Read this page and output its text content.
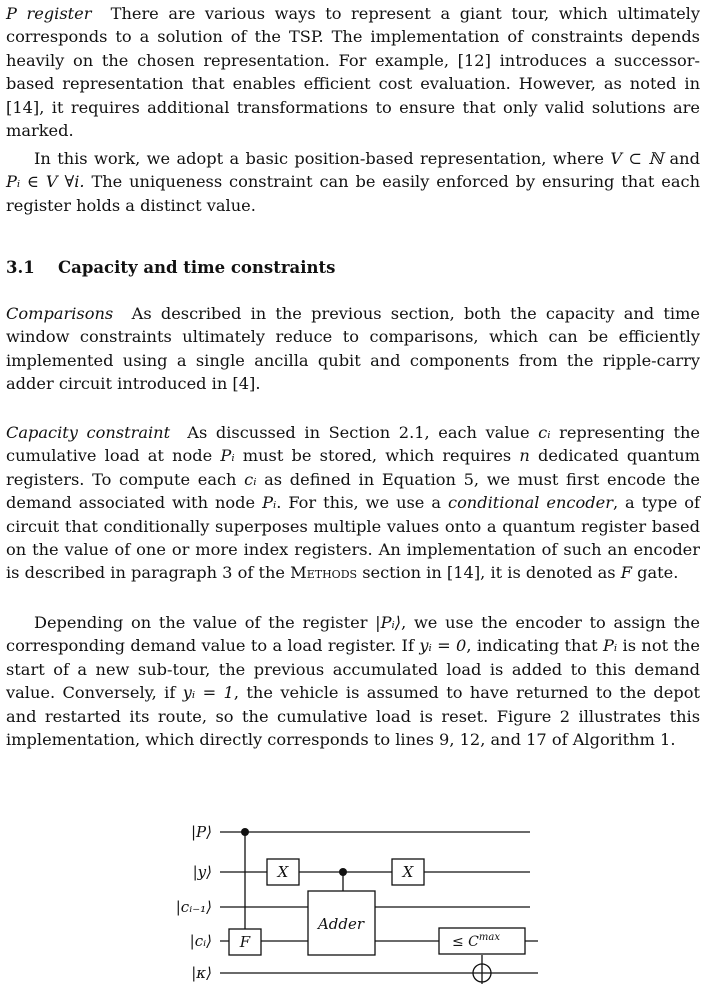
P register There are various ways to represent a giant tour, which ultimately corresponds to a solution of the TSP. The implementation of constraints depends heavily on the chosen representation. For example, [12] introduces a successor-based representation that enables efficient cost evaluation. However, as noted in [14], it requires additional transformations to ensure that only valid solutions are marked.

In this work, we adopt a basic position-based representation, where V ⊂ ℕ and Pᵢ ∈ V ∀i. The uniqueness constraint can be easily enforced by ensuring that each register holds a distinct value.

3.1 Capacity and time constraints

Comparisons As described in the previous section, both the capacity and time window constraints ultimately reduce to comparisons, which can be efficiently implemented using a single ancilla qubit and components from the ripple-carry adder circuit introduced in [4].

Capacity constraint As discussed in Section 2.1, each value cᵢ representing the cumulative load at node Pᵢ must be stored, which requires n dedicated quantum registers. To compute each cᵢ as defined in Equation 5, we must first encode the demand associated with node Pᵢ. For this, we use a conditional encoder, a type of circuit that conditionally superposes multiple values onto a quantum register based on the value of one or more index registers. An implementation of such an encoder is described in paragraph 3 of the Methods section in [14], it is denoted as F gate.

Depending on the value of the register |Pᵢ⟩, we use the encoder to assign the corresponding demand value to a load register. If yᵢ = 0, indicating that Pᵢ is not the start of a new sub-tour, the previous accumulated load is added to this demand value. Conversely, if yᵢ = 1, the vehicle is assumed to have returned to the depot and restarted its route, so the cumulative load is reset. Figure 2 illustrates this implementation, which directly corresponds to lines 9, 12, and 17 of Algorithm 1.

|P⟩
|y⟩
|cᵢ₋₁⟩
|cᵢ⟩
|κ⟩
X	X
F
Adder
≤ $C^{max}$
